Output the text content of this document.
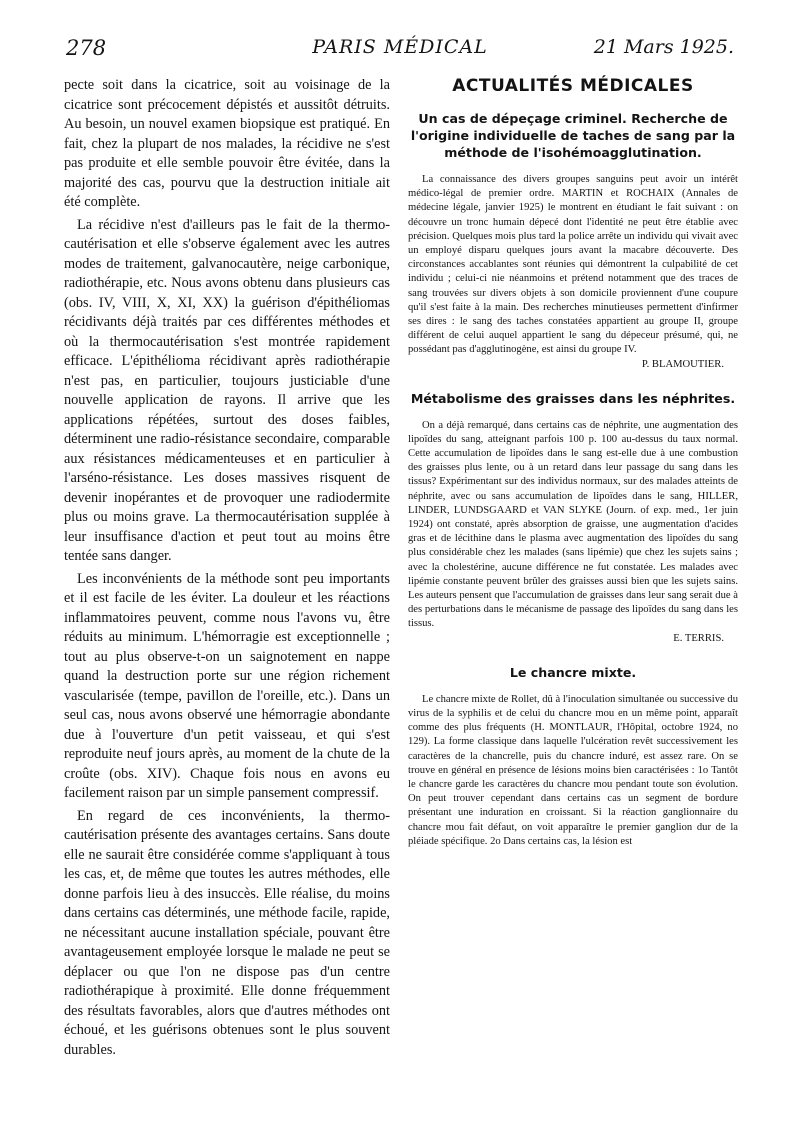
278	PARIS MÉDICAL	21 Mars 1925.

pecte soit dans la cicatrice, soit au voisinage de la cicatrice sont précocement dépistés et aussitôt détruits. Au besoin, un nouvel examen biopsique est pratiqué. En fait, chez la plupart de nos malades, la récidive ne s'est pas produite et elle semble pouvoir être évitée, dans la majorité des cas, pourvu que la destruction initiale ait été complète.

La récidive n'est d'ailleurs pas le fait de la thermo-cautérisation et elle s'observe également avec les autres modes de traitement, galvanocautère, neige carbonique, radiothérapie, etc. Nous avons obtenu dans plusieurs cas (obs. IV, VIII, X, XI, XX) la guérison d'épithéliomas récidivants déjà traités par ces différentes méthodes et où la thermocautérisation s'est montrée rapidement efficace. L'épithélioma récidivant après radiothérapie n'est pas, en particulier, toujours justiciable d'une nouvelle application de rayons. Il arrive que les applications répétées, surtout des doses faibles, déterminent une radio-résistance secondaire, comparable aux résistances médicamenteuses et en particulier à l'arséno-résistance. Les doses massives risquent de devenir inopérantes et de provoquer une radiodermite plus ou moins grave. La thermocautérisation supplée à leur insuffisance d'action et peut tout au moins être tentée sans danger.

Les inconvénients de la méthode sont peu importants et il est facile de les éviter. La douleur et les réactions inflammatoires peuvent, comme nous l'avons vu, être réduits au minimum. L'hémorragie est exceptionnelle ; tout au plus observe-t-on un saignotement en nappe quand la destruction porte sur une région richement vascularisée (tempe, pavillon de l'oreille, etc.). Dans un seul cas, nous avons observé une hémorragie abondante due à l'ouverture d'un petit vaisseau, et qui s'est reproduite neuf jours après, au moment de la chute de la croûte (obs. XIV). Chaque fois nous en avons eu facilement raison par un simple pansement compressif.

En regard de ces inconvénients, la thermo-cautérisation présente des avantages certains. Sans doute elle ne saurait être considérée comme s'appliquant à tous les cas, et, de même que toutes les autres méthodes, elle donne parfois lieu à des insuccès. Elle réalise, du moins dans certains cas déterminés, une méthode facile, rapide, ne nécessitant aucune installation spéciale, pouvant être avantageusement employée lorsque le malade ne peut se déplacer ou que l'on ne dispose pas d'un centre radiothérapique à proximité. Elle donne fréquemment des résultats favorables, alors que d'autres méthodes ont échoué, et les guérisons obtenues sont le plus souvent durables.

ACTUALITÉS MÉDICALES
Un cas de dépeçage criminel. Recherche de l'origine individuelle de taches de sang par la méthode de l'isohémoagglutination.

La connaissance des divers groupes sanguins peut avoir un intérêt médico-légal de premier ordre. MARTIN et ROCHAIX (Annales de médecine légale, janvier 1925) le montrent en étudiant le fait suivant : on découvre un tronc humain dépecé dont l'identité ne peut être établie avec précision. Quelques mois plus tard la police arrête un individu qui vivait avec un employé disparu quelques jours avant la macabre découverte. Des circonstances accablantes sont réunies qui démontrent la culpabilité de cet individu ; celui-ci nie néanmoins et prétend notamment que des traces de sang trouvées sur divers objets à son domicile proviennent d'une coupure qu'il s'est faite à la main. Des recherches minutieuses permettent d'infirmer ses dires : le sang des taches constatées appartient au groupe II, groupe différent de celui auquel appartient le sang du dépeceur présumé, qui, ne possédant pas d'agglutinogène, est ainsi du groupe IV.

P. BLAMOUTIER.
Métabolisme des graisses dans les néphrites.

On a déjà remarqué, dans certains cas de néphrite, une augmentation des lipoïdes du sang, atteignant parfois 100 p. 100 au-dessus du taux normal. Cette accumulation de lipoïdes dans le sang est-elle due à une combustion des graisses plus lente, ou à un retard dans leur passage du sang dans les tissus? Expérimentant sur des individus normaux, sur des malades atteints de néphrite, avec ou sans accumulation de lipoïdes dans le sang, HILLER, LINDER, LUNDSGAARD et VAN SLYKE (Journ. of exp. med., 1er juin 1924) ont constaté, après absorption de graisse, une augmentation d'acides gras et de lécithine dans le plasma avec augmentation des lipoïdes du sang plus considérable chez les malades (sans lipémie) que chez les sujets sains ; avec la cholestérine, aucune différence ne fut constatée. Les malades avec lipémie constante peuvent brûler des graisses aussi bien que les sujets sains. Les auteurs pensent que l'accumulation de graisses dans leur sang serait due à des perturbations dans le mécanisme de passage des lipoïdes du sang dans les tissus.

E. TERRIS.
Le chancre mixte.

Le chancre mixte de Rollet, dû à l'inoculation simultanée ou successive du virus de la syphilis et de celui du chancre mou en un même point, apparaît comme des plus fréquents (H. MONTLAUR, l'Hôpital, octobre 1924, no 129). La forme classique dans laquelle l'ulcération revêt successivement les caractères de la chancrelle, puis du chancre induré, est assez rare. On se trouve en général en présence de lésions moins bien caractérisées : 1o Tantôt le chancre garde les caractères du chancre mou pendant toute son évolution. On peut trouver cependant dans certains cas un segment de bordure présentant une induration en croissant. Si la réaction ganglionnaire du chancre mou fait défaut, on voit apparaître le premier ganglion dur de la pléiade spécifique. 2o Dans certains cas, la lésion est
